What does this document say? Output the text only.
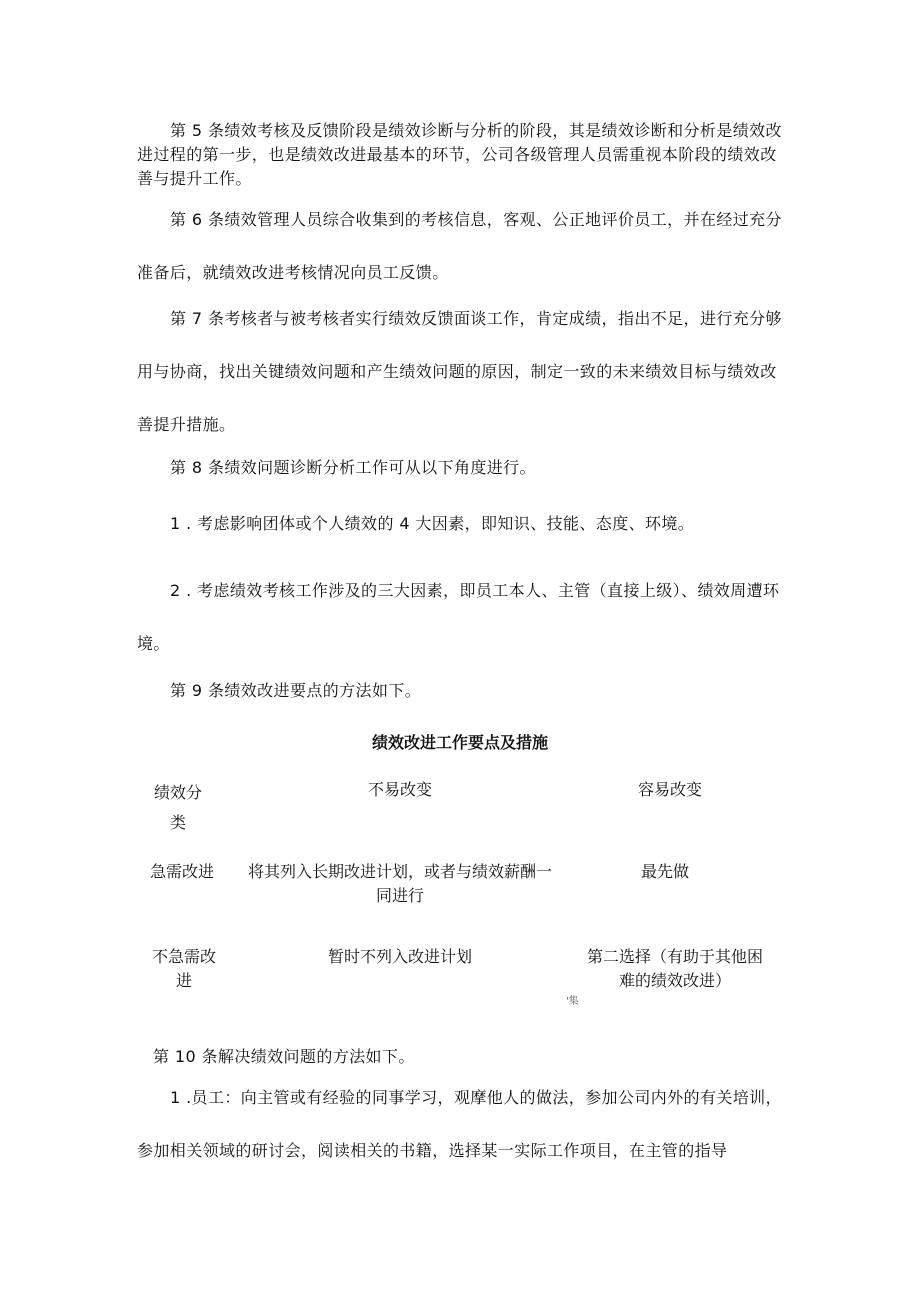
第 5 条绩效考核及反馈阶段是绩效诊断与分析的阶段，其是绩效诊断和分析是绩效改进过程的第一步，也是绩效改进最基本的环节，公司各级管理人员需重视本阶段的绩效改善与提升工作。
第 6 条绩效管理人员综合收集到的考核信息，客观、公正地评价员工，并在经过充分准备后，就绩效改进考核情况向员工反馈。
第 7 条考核者与被考核者实行绩效反馈面谈工作，肯定成绩，指出不足，进行充分够用与协商，找出关键绩效问题和产生绩效问题的原因，制定一致的未来绩效目标与绩效改善提升措施。
第 8 条绩效问题诊断分析工作可从以下角度进行。
1 . 考虑影响团体或个人绩效的 4 大因素，即知识、技能、态度、环境。
2 . 考虑绩效考核工作涉及的三大因素，即员工本人、主管（直接上级）、绩效周遭环境。
第 9 条绩效改进要点的方法如下。
绩效改进工作要点及措施
绩效分类
不易改变	容易改变
急需改进 将其列入长期改进计划，或者与绩效薪酬一同进行
最先做
不急需改进
暂时不列入改进计划	第二选择（有助于其他困难的绩效改进）
'集
第 10 条解决绩效问题的方法如下。
1 .员工：向主管或有经验的同事学习，观摩他人的做法，参加公司内外的有关培训，参加相关领域的研讨会，阅读相关的书籍，选择某一实际工作项目，在主管的指导
